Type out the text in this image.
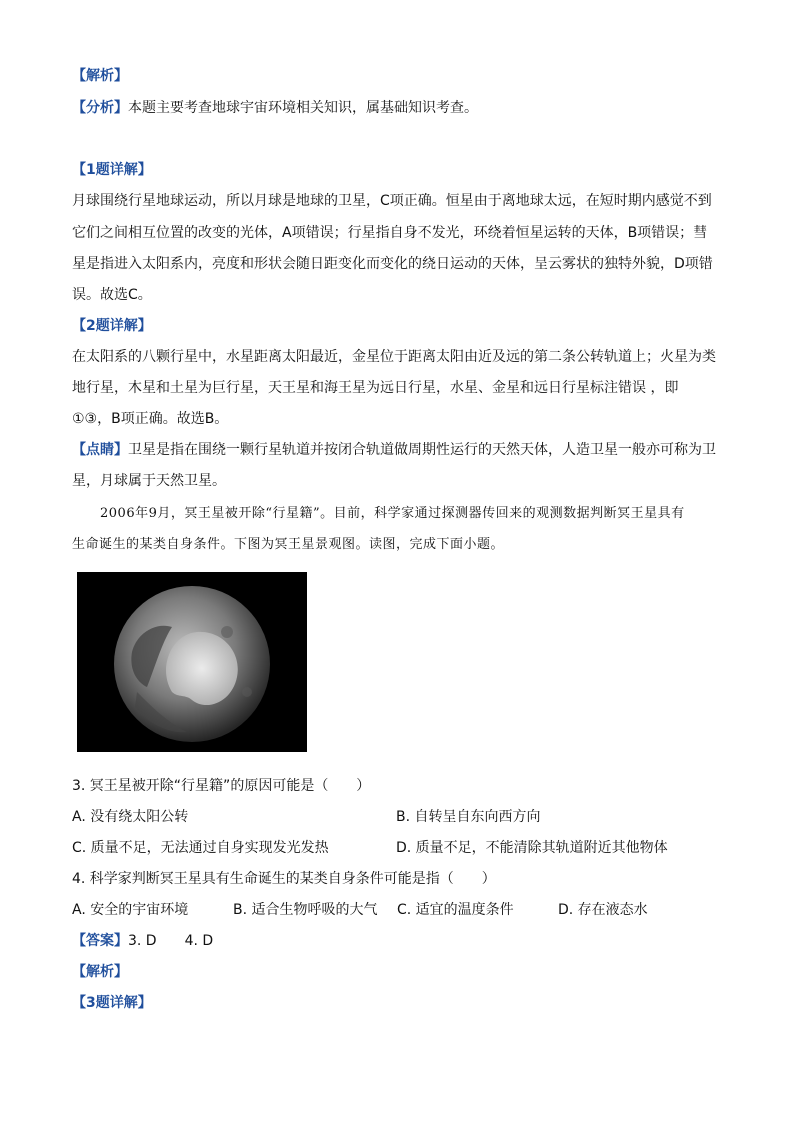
【解析】
【分析】本题主要考查地球宇宙环境相关知识，属基础知识考查。
【1题详解】
月球围绕行星地球运动，所以月球是地球的卫星，C项正确。恒星由于离地球太远，在短时期内感觉不到
它们之间相互位置的改变的光体，A项错误；行星指自身不发光，环绕着恒星运转的天体，B项错误；彗
星是指进入太阳系内，亮度和形状会随日距变化而变化的绕日运动的天体，呈云雾状的独特外貌，D项错
误。故选C。
【2题详解】
在太阳系的八颗行星中，水星距离太阳最近，金星位于距离太阳由近及远的第二条公转轨道上；火星为类
地行星，木星和土星为巨行星，天王星和海王星为远日行星，水星、金星和远日行星标注错误 ，即
①③，B项正确。故选B。
【点睛】卫星是指在围绕一颗行星轨道并按闭合轨道做周期性运行的天然天体，人造卫星一般亦可称为卫
星，月球属于天然卫星。
2006年9月，冥王星被开除“行星籍”。目前，科学家通过探测器传回来的观测数据判断冥王星具有
生命诞生的某类自身条件。下图为冥王星景观图。读图，完成下面小题。
3. 冥王星被开除“行星籍”的原因可能是（　　）
A. 没有绕太阳公转	B. 自转呈自东向西方向
C. 质量不足，无法通过自身实现发光发热	D. 质量不足，不能清除其轨道附近其他物体
4. 科学家判断冥王星具有生命诞生的某类自身条件可能是指（　　）
A. 安全的宇宙环境	B. 适合生物呼吸的大气 C. 适宜的温度条件	D. 存在液态水
【答案】3. D　　4. D
【解析】
【3题详解】
